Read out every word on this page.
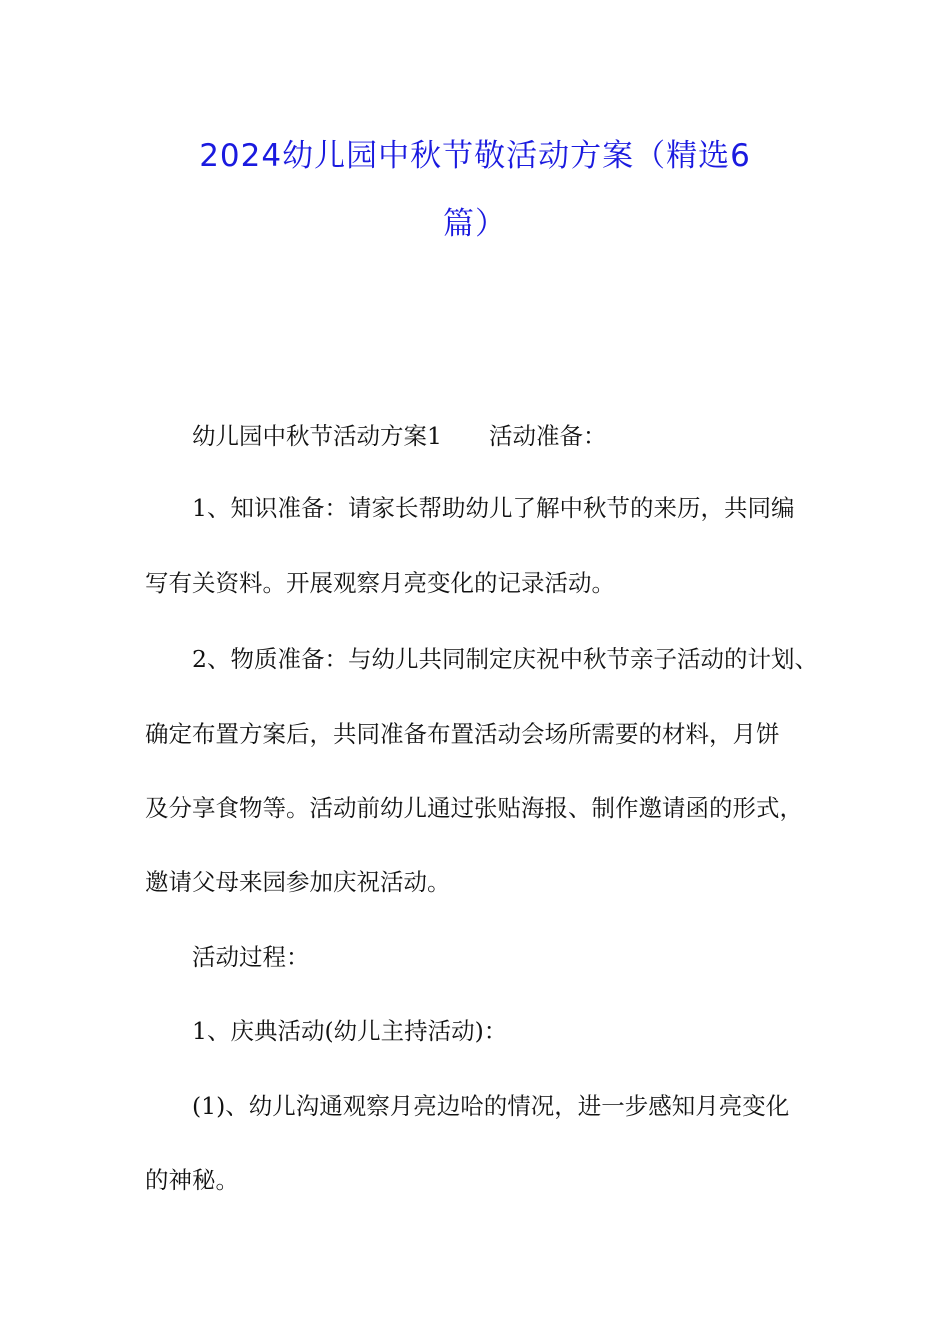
2024幼儿园中秋节敬活动方案（精选6
篇）
幼儿园中秋节活动方案1　　活动准备：
1、知识准备：请家长帮助幼儿了解中秋节的来历，共同编
写有关资料。开展观察月亮变化的记录活动。
2、物质准备：与幼儿共同制定庆祝中秋节亲子活动的计划、
确定布置方案后，共同准备布置活动会场所需要的材料，月饼
及分享食物等。活动前幼儿通过张贴海报、制作邀请函的形式，
邀请父母来园参加庆祝活动。
活动过程：
1、庆典活动(幼儿主持活动)：
(1)、幼儿沟通观察月亮边哈的情况，进一步感知月亮变化
的神秘。
